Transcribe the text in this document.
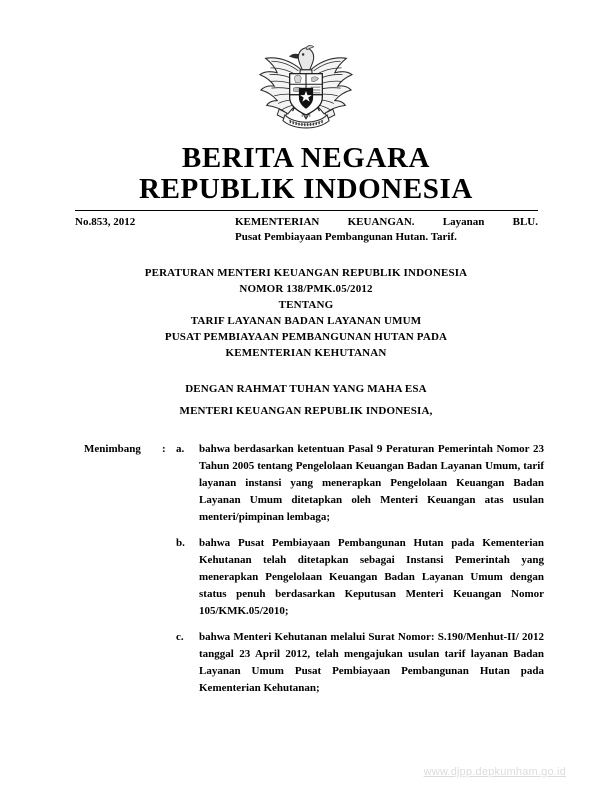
BERITA NEGARA
REPUBLIK INDONESIA
No.853, 2012	KEMENTERIAN KEUANGAN. Layanan BLU.
Pusat Pembiayaan Pembangunan Hutan. Tarif.
PERATURAN MENTERI KEUANGAN REPUBLIK INDONESIA
NOMOR 138/PMK.05/2012
TENTANG
TARIF LAYANAN BADAN LAYANAN UMUM
PUSAT PEMBIAYAAN PEMBANGUNAN HUTAN PADA
KEMENTERIAN KEHUTANAN
DENGAN RAHMAT TUHAN YANG MAHA ESA
MENTERI KEUANGAN REPUBLIK INDONESIA,
Menimbang	: a.	bahwa berdasarkan ketentuan Pasal 9 Peraturan Pemerintah Nomor 23 Tahun 2005 tentang Pengelolaan Keuangan Badan Layanan Umum, tarif layanan instansi yang menerapkan Pengelolaan Keuangan Badan Layanan Umum ditetapkan oleh Menteri Keuangan atas usulan menteri/pimpinan lembaga;
b.	bahwa Pusat Pembiayaan Pembangunan Hutan pada Kementerian Kehutanan telah ditetapkan sebagai Instansi Pemerintah yang menerapkan Pengelolaan Keuangan Badan Layanan Umum dengan status penuh berdasarkan Keputusan Menteri Keuangan Nomor 105/KMK.05/2010;
c.	bahwa Menteri Kehutanan melalui Surat Nomor: S.190/Menhut-II/ 2012 tanggal 23 April 2012, telah mengajukan usulan tarif layanan Badan Layanan Umum Pusat Pembiayaan Pembangunan Hutan pada Kementerian Kehutanan;
www.djpp.depkumham.go.id
